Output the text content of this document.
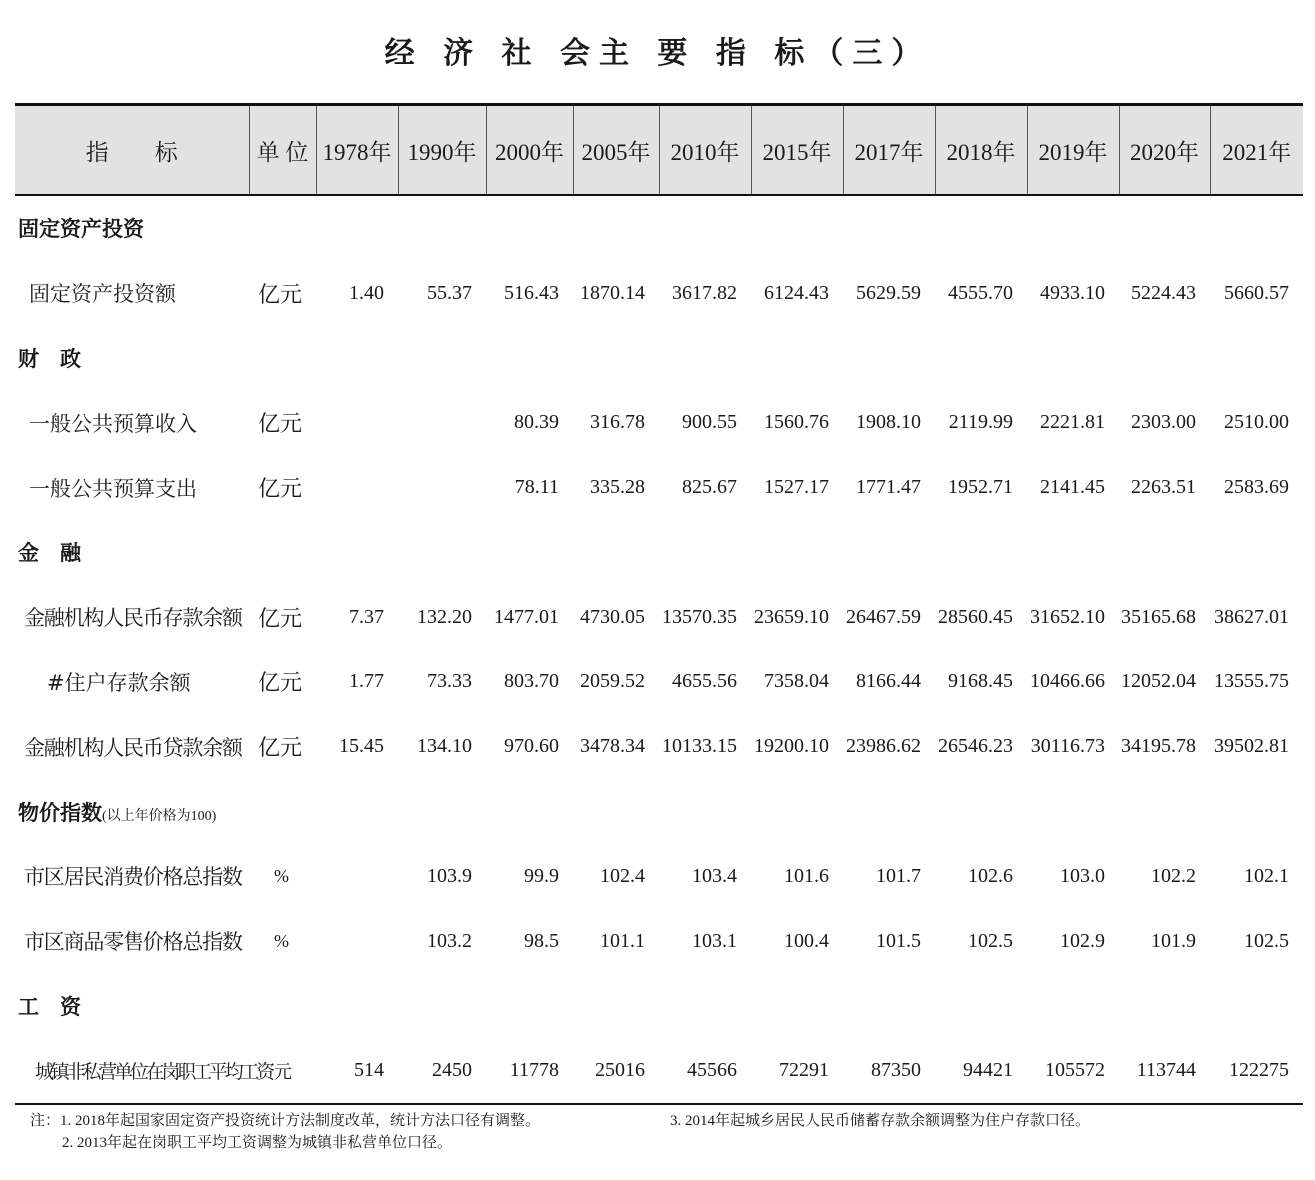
经 济 社 会主 要 指 标（三）
指　　标	单 位	1978年	1990年	2000年	2005年	2010年	2015年	2017年	2018年	2019年	2020年	2021年
固定资产投资												
固定资产投资额	亿元	1.40	55.37	516.43	1870.14	3617.82	6124.43	5629.59	4555.70	4933.10	5224.43	5660.57
财　政												
一般公共预算收入	亿元			80.39	316.78	900.55	1560.76	1908.10	2119.99	2221.81	2303.00	2510.00
一般公共预算支出	亿元			78.11	335.28	825.67	1527.17	1771.47	1952.71	2141.45	2263.51	2583.69
金　融												
金融机构人民币存款余额	亿元	7.37	132.20	1477.01	4730.05	13570.35	23659.10	26467.59	28560.45	31652.10	35165.68	38627.01
#住户存款余额	亿元	1.77	73.33	803.70	2059.52	4655.56	7358.04	8166.44	9168.45	10466.66	12052.04	13555.75
金融机构人民币贷款余额	亿元	15.45	134.10	970.60	3478.34	10133.15	19200.10	23986.62	26546.23	30116.73	34195.78	39502.81
物价指数(以上年价格为100)												
市区居民消费价格总指数	%		103.9	99.9	102.4	103.4	101.6	101.7	102.6	103.0	102.2	102.1
市区商品零售价格总指数	%		103.2	98.5	101.1	103.1	100.4	101.5	102.5	102.9	101.9	102.5
工　资												
城镇非私营单位在岗职工平均工资	元	514	2450	11778	25016	45566	72291	87350	94421	105572	113744	122275
注：1. 2018年起国家固定资产投资统计方法制度改革，统计方法口径有调整。
2. 2013年起在岗职工平均工资调整为城镇非私营单位口径。
3. 2014年起城乡居民人民币储蓄存款余额调整为住户存款口径。
